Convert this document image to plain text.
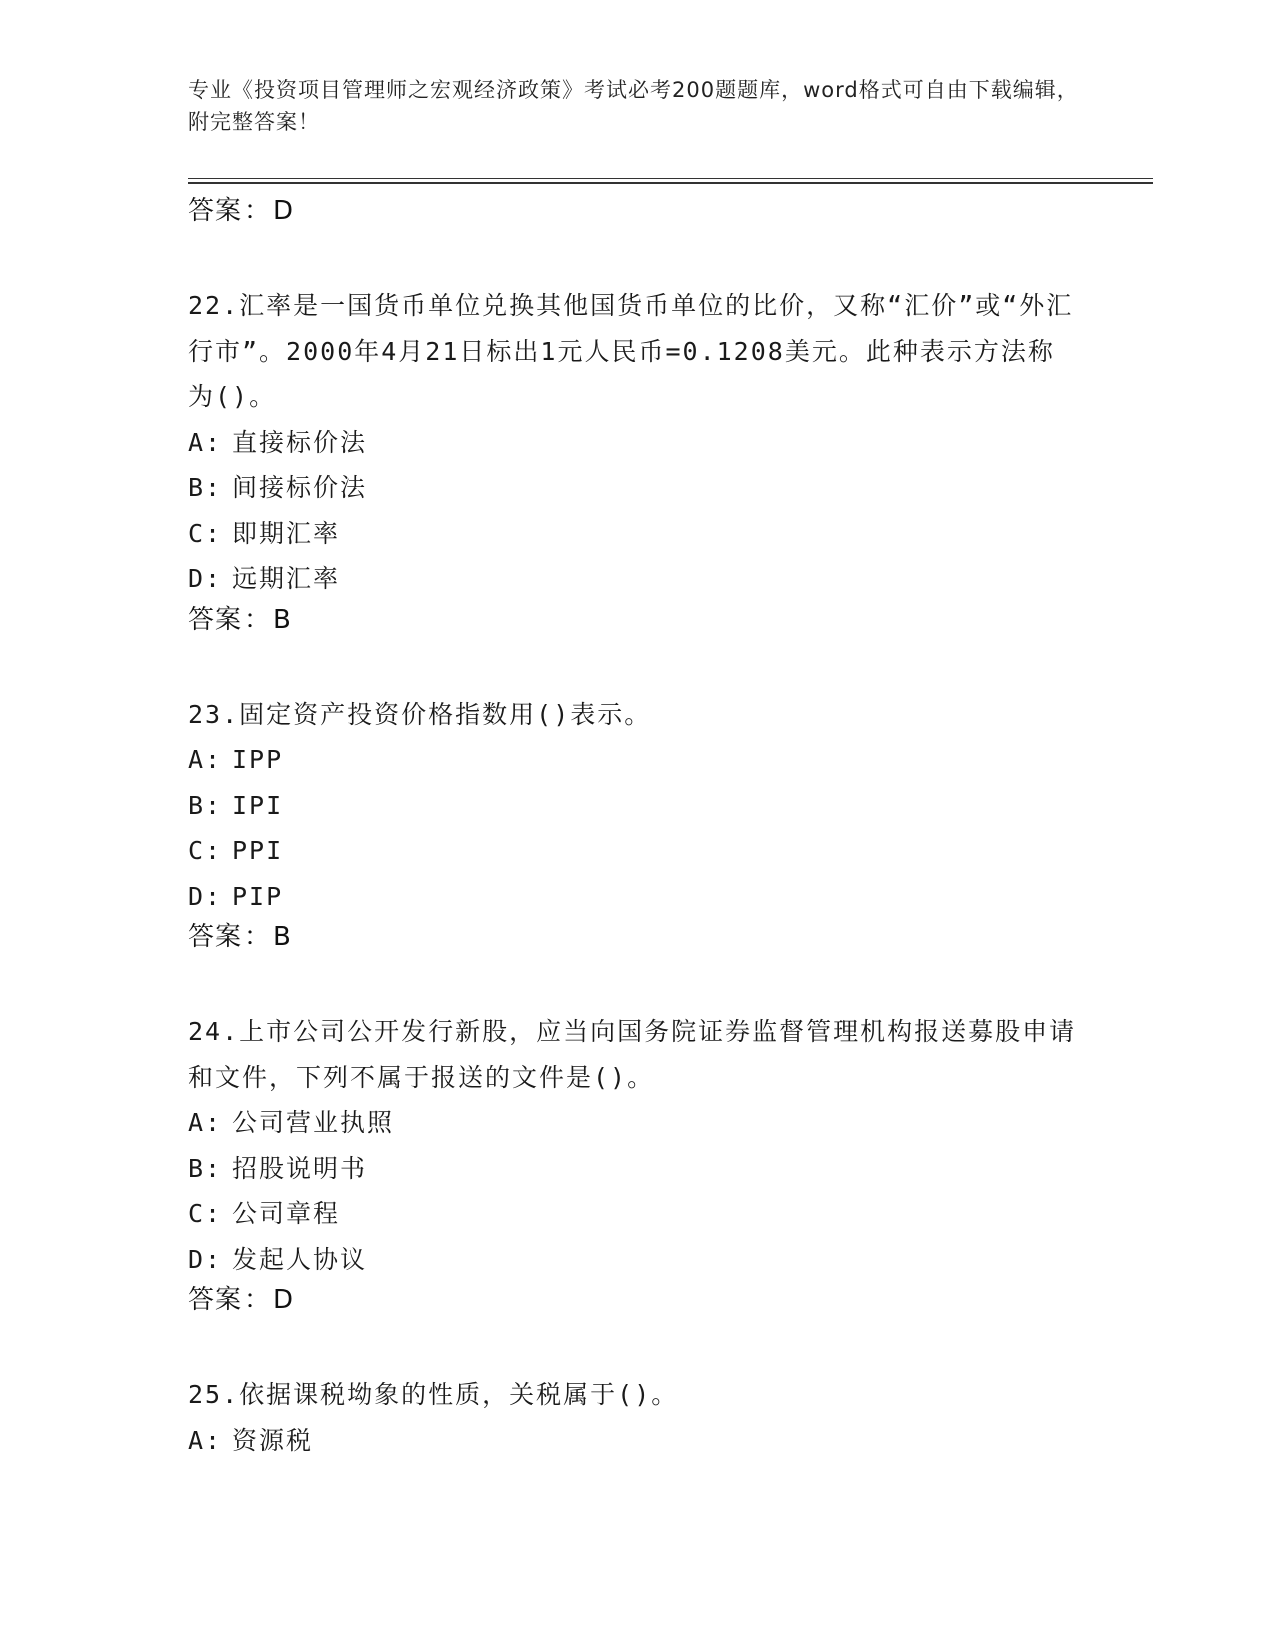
专业《投资项目管理师之宏观经济政策》考试必考200题题库，word格式可自由下载编辑，附完整答案！
答案：D
22.汇率是一国货币单位兑换其他国货币单位的比价，又称“汇价”或“外汇行市”。2000年4月21日标出1元人民币=0.1208美元。此种表示方法称为()。
A: 直接标价法
B: 间接标价法
C: 即期汇率
D: 远期汇率
答案：B
23.固定资产投资价格指数用()表示。
A: IPP
B: IPI
C: PPI
D: PIP
答案：B
24.上市公司公开发行新股，应当向国务院证券监督管理机构报送募股申请和文件，下列不属于报送的文件是()。
A: 公司营业执照
B: 招股说明书
C: 公司章程
D: 发起人协议
答案：D
25.依据课税坳象的性质，关税属于()。
A: 资源税
